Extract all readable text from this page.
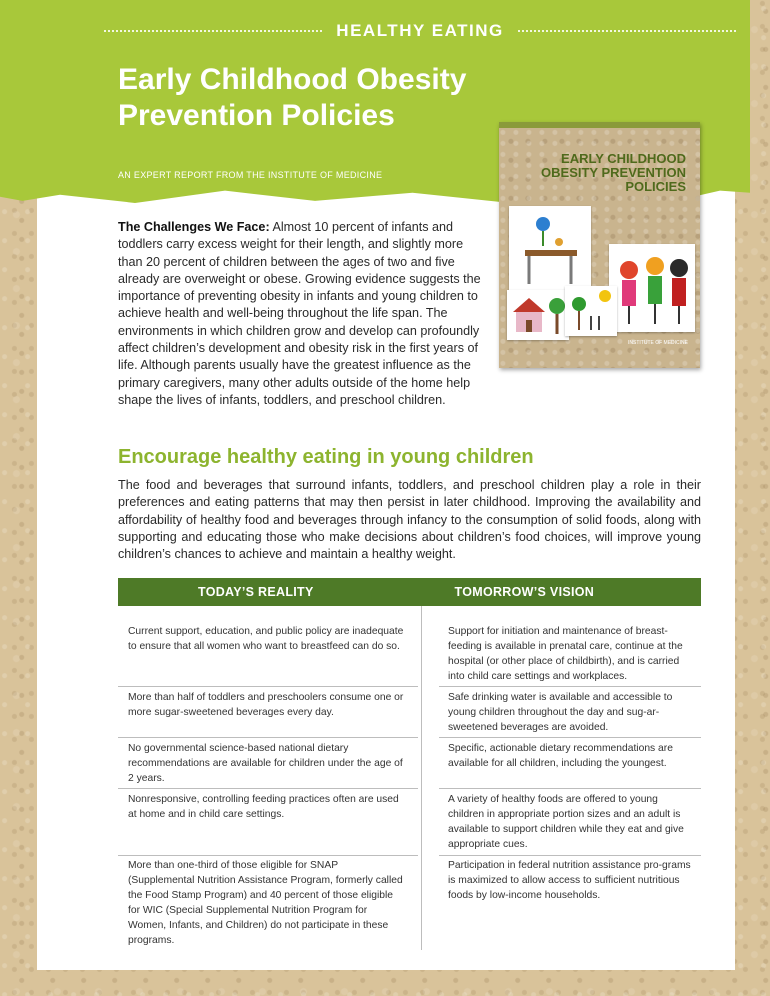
HEALTHY EATING
Early Childhood Obesity
Prevention Policies
AN EXPERT REPORT FROM THE INSTITUTE OF MEDICINE
EARLY CHILDHOOD
OBESITY PREVENTION
POLICIES
INSTITUTE OF MEDICINE
The Challenges We Face: Almost 10 percent of infants and toddlers carry excess weight for their length, and slightly more than 20 percent of children between the ages of two and five already are overweight or obese. Growing evidence suggests the importance of preventing obesity in infants and young children to achieve health and well-being throughout the life span. The environments in which children grow and develop can profoundly affect children’s development and obesity risk in the first years of life. Although parents usually have the greatest influence as the primary caregivers, many other adults outside of the home help shape the lives of infants, toddlers, and preschool children.
Encourage healthy eating in young children
The food and beverages that surround infants, toddlers, and preschool children play a role in their preferences and eating patterns that may then persist in later childhood. Improving the availability and affordability of healthy food and beverages through infancy to the consumption of solid foods, along with supporting and educating those who make decisions about children’s food choices, will improve young children’s chances to achieve and maintain a healthy weight.
TODAY’S REALITY	TOMORROW’S VISION
Current support, education, and public policy are inadequate to ensure that all women who want to breastfeed can do so.
Support for initiation and maintenance of breast-feeding is available in prenatal care, continue at the hospital (or other place of childbirth), and is carried into child care settings and workplaces.
More than half of toddlers and preschoolers consume one or more sugar-sweetened beverages every day.
Safe drinking water is available and accessible to young children throughout the day and sug-ar-sweetened beverages are avoided.
No governmental science-based national dietary recommendations are available for children under the age of 2 years.
Specific, actionable dietary recommendations are available for all children, including the youngest.
Nonresponsive, controlling feeding practices often are used at home and in child care settings.
A variety of healthy foods are offered to young children in appropriate portion sizes and an adult is available to support children while they eat and give appropriate cues.
More than one-third of those eligible for SNAP (Supplemental Nutrition Assistance Program, formerly called the Food Stamp Program) and 40 percent of those eligible for WIC (Special Supplemental Nutrition Program for Women, Infants, and Children) do not participate in these programs.
Participation in federal nutrition assistance pro-grams is maximized to allow access to sufficient nutritious foods by low-income households.
